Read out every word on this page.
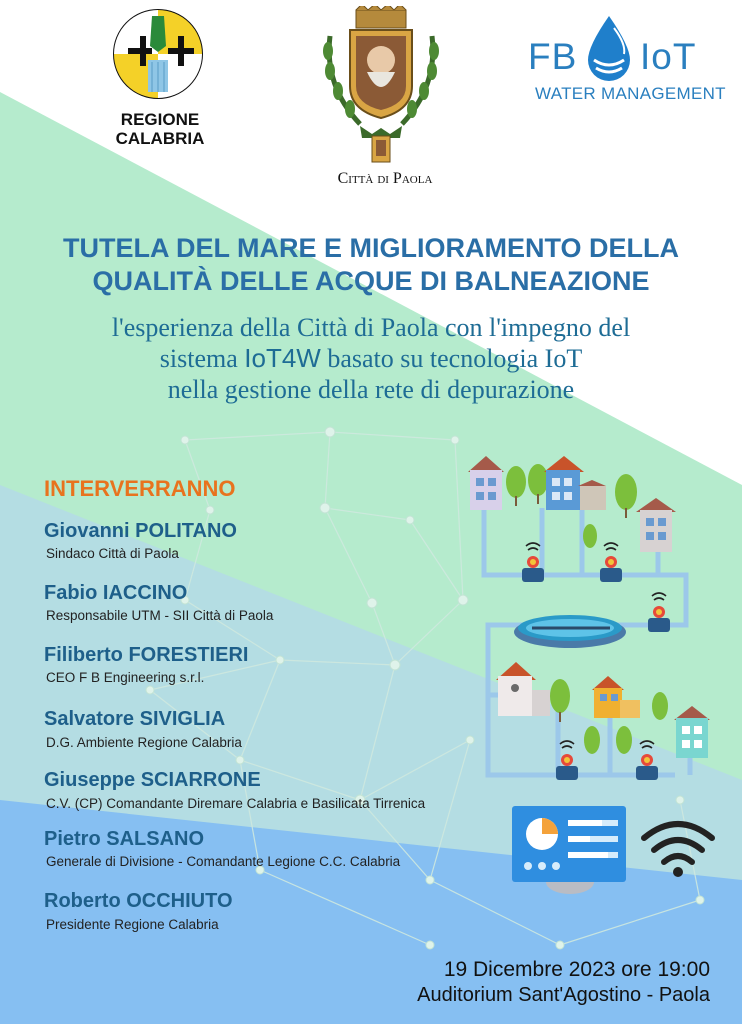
REGIONE
CALABRIA
Città di Paola
FB IoT
WATER MANAGEMENT
TUTELA DEL MARE E MIGLIORAMENTO DELLA
QUALITÀ DELLE ACQUE DI BALNEAZIONE
l'esperienza della Città di Paola con l'impegno del
sistema IoT4W basato su tecnologia IoT
nella gestione della rete di depurazione
INTERVERRANNO
Giovanni POLITANO
Sindaco Città di Paola
Fabio IACCINO
Responsabile UTM - SII Città di Paola
Filiberto FORESTIERI
CEO F B Engineering s.r.l.
Salvatore SIVIGLIA
D.G. Ambiente Regione Calabria
Giuseppe SCIARRONE
C.V. (CP) Comandante Diremare Calabria e Basilicata Tirrenica
Pietro SALSANO
Generale di Divisione - Comandante Legione C.C. Calabria
Roberto OCCHIUTO
Presidente Regione Calabria
19 Dicembre 2023 ore 19:00
Auditorium Sant'Agostino - Paola
